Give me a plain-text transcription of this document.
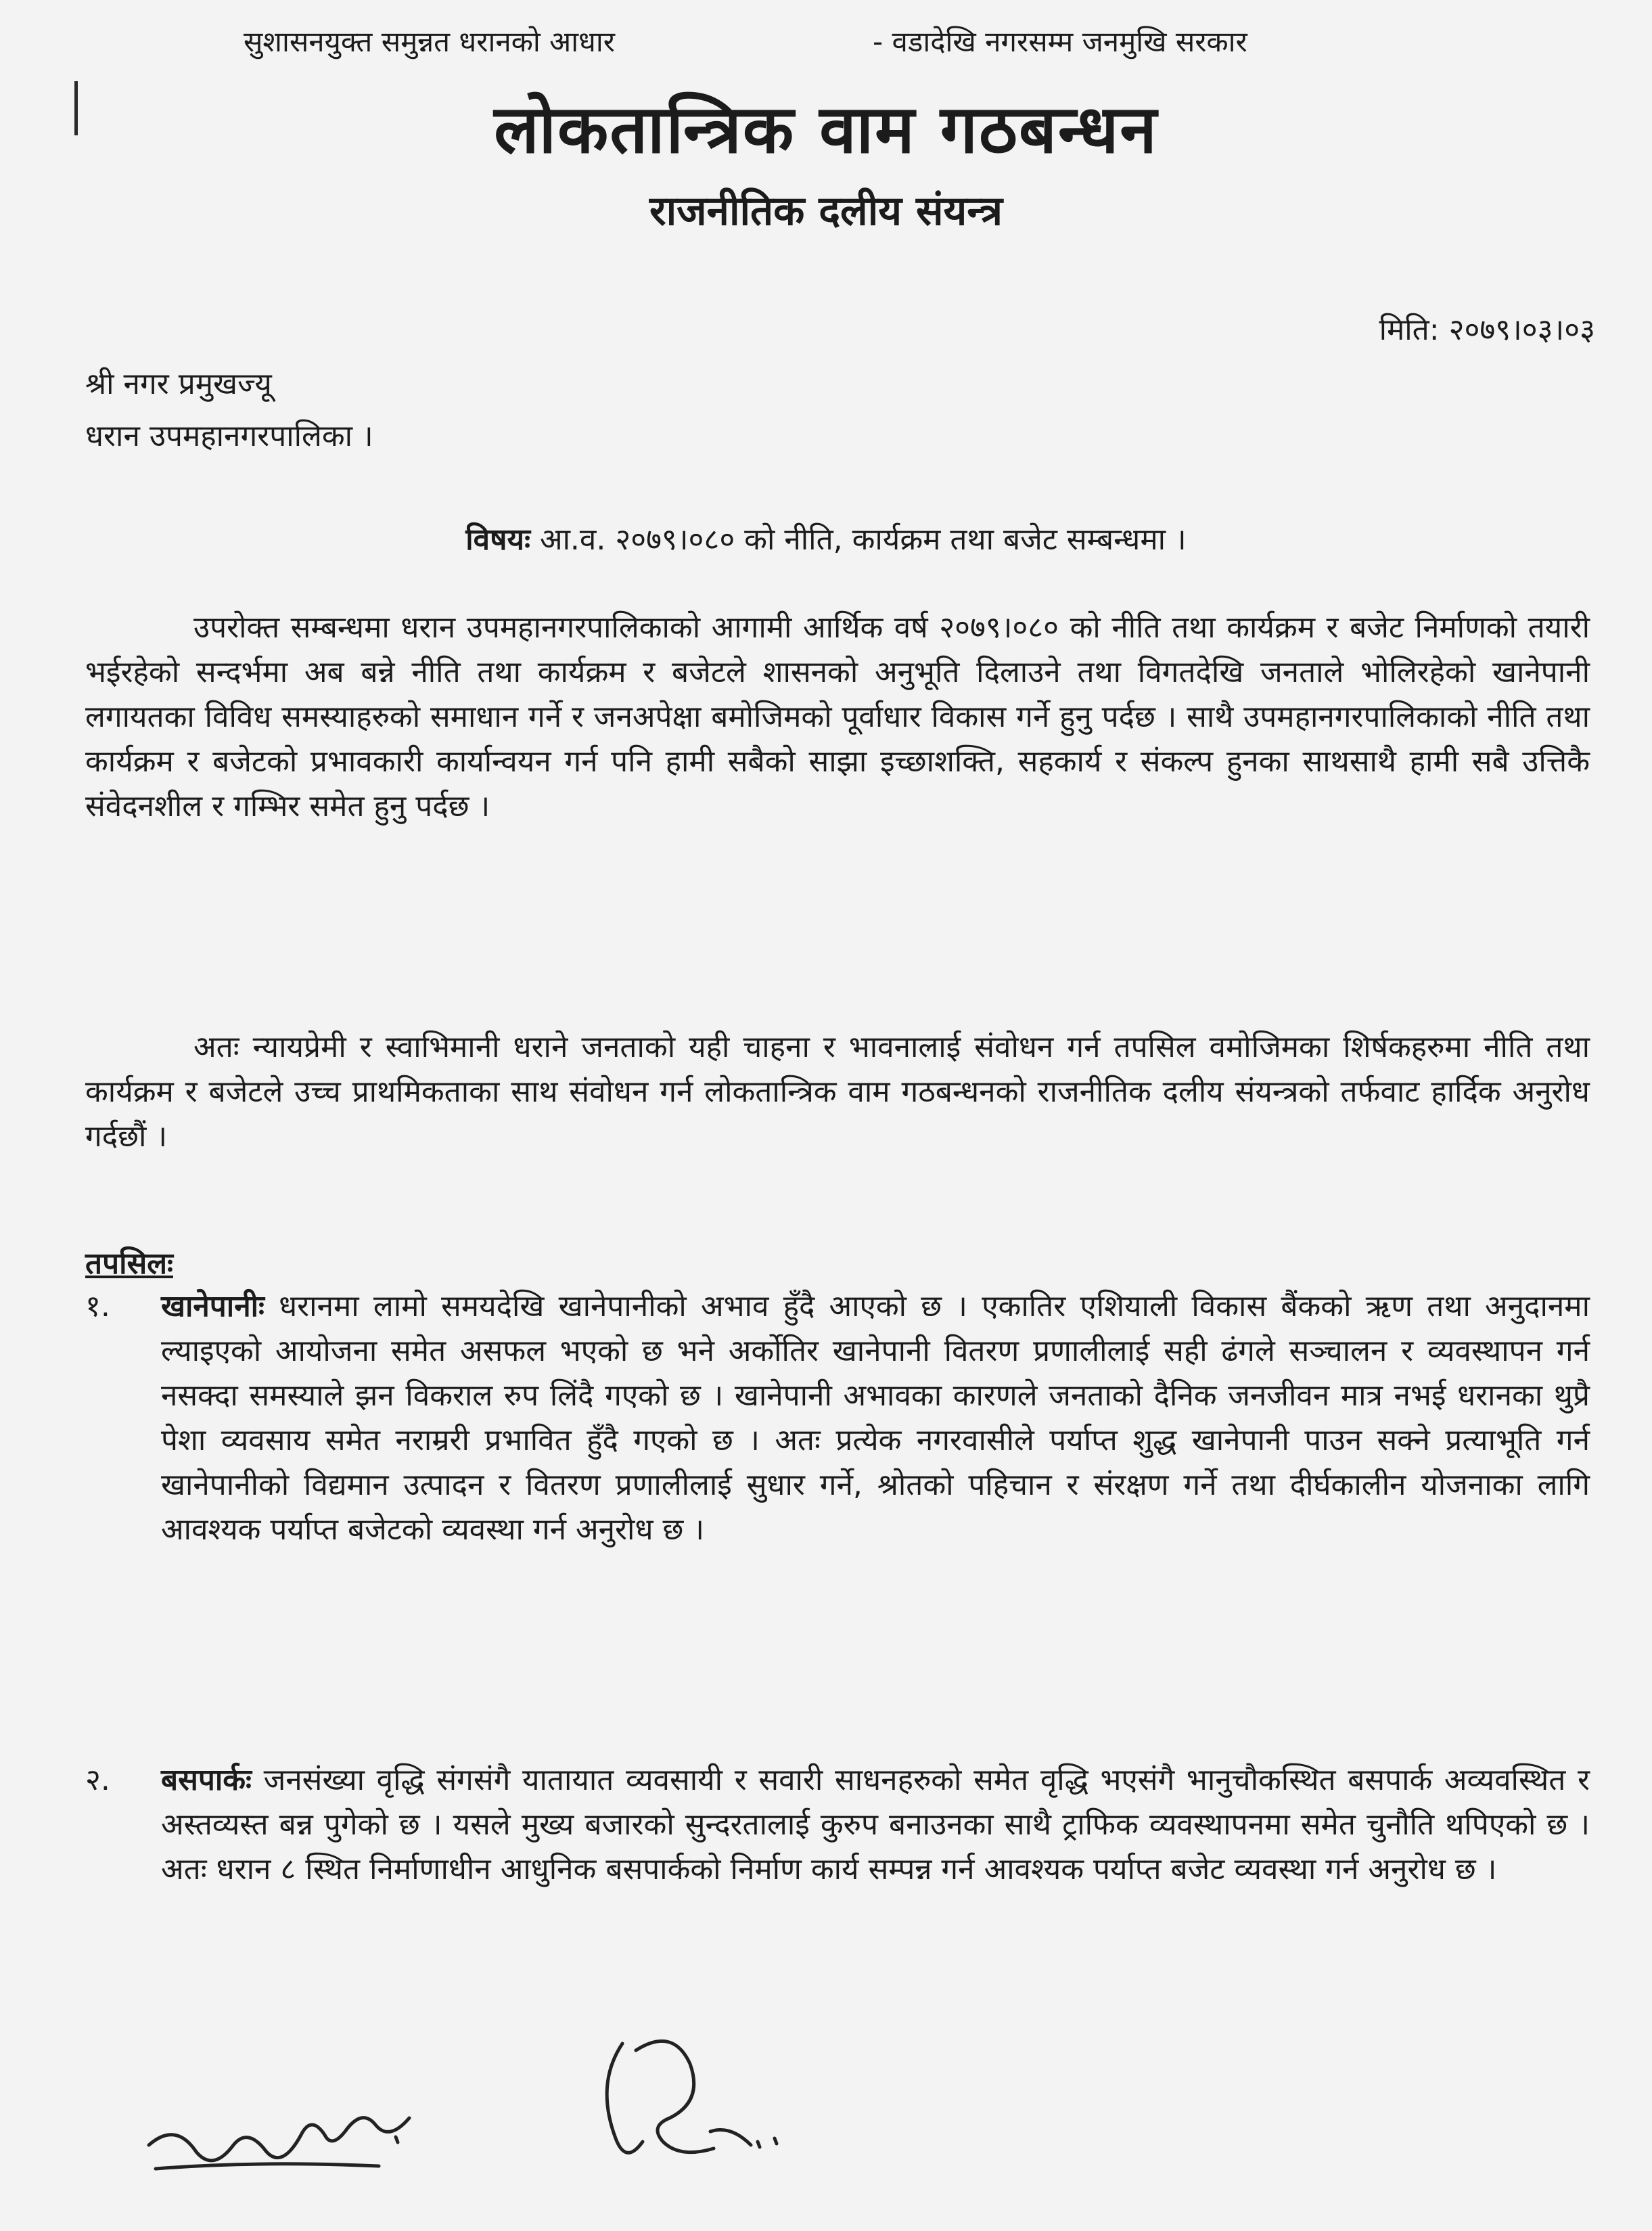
सुशासनयुक्त समुन्नत धरानको आधार	- वडादेखि नगरसम्म जनमुखि सरकार

लोकतान्त्रिक वाम गठबन्धन
राजनीतिक दलीय संयन्त्र
मिति: २०७९।०३।०३

श्री नगर प्रमुखज्यू

धरान उपमहानगरपालिका ।

विषयः आ.व. २०७९।०८० को नीति, कार्यक्रम तथा बजेट सम्बन्धमा ।

उपरोक्त सम्बन्धमा धरान उपमहानगरपालिकाको आगामी आर्थिक वर्ष २०७९।०८० को नीति तथा कार्यक्रम र बजेट निर्माणको तयारी भईरहेको सन्दर्भमा अब बन्ने नीति तथा कार्यक्रम र बजेटले शासनको अनुभूति दिलाउने तथा विगतदेखि जनताले भोलिरहेको खानेपानी लगायतका विविध समस्याहरुको समाधान गर्ने र जनअपेक्षा बमोजिमको पूर्वाधार विकास गर्ने हुनु पर्दछ । साथै उपमहानगरपालिकाको नीति तथा कार्यक्रम र बजेटको प्रभावकारी कार्यान्वयन गर्न पनि हामी सबैको साझा इच्छाशक्ति, सहकार्य र संकल्प हुनका साथसाथै हामी सबै उत्तिकै संवेदनशील र गम्भिर समेत हुनु पर्दछ ।

अतः न्यायप्रेमी र स्वाभिमानी धराने जनताको यही चाहना र भावनालाई संवोधन गर्न तपसिल वमोजिमका शिर्षकहरुमा नीति तथा कार्यक्रम र बजेटले उच्च प्राथमिकताका साथ संवोधन गर्न लोकतान्त्रिक वाम गठबन्धनको राजनीतिक दलीय संयन्त्रको तर्फवाट हार्दिक अनुरोध गर्दछौं ।

तपसिलः

१.	खानेपानीः धरानमा लामो समयदेखि खानेपानीको अभाव हुँदै आएको छ । एकातिर एशियाली विकास बैंकको ऋण तथा अनुदानमा ल्याइएको आयोजना समेत असफल भएको छ भने अर्कोतिर खानेपानी वितरण प्रणालीलाई सही ढंगले सञ्चालन र व्यवस्थापन गर्न नसक्दा समस्याले झन विकराल रुप लिंदै गएको छ । खानेपानी अभावका कारणले जनताको दैनिक जनजीवन मात्र नभई धरानका थुप्रै पेशा व्यवसाय समेत नराम्ररी प्रभावित हुँदै गएको छ । अतः प्रत्येक नगरवासीले पर्याप्त शुद्ध खानेपानी पाउन सक्ने प्रत्याभूति गर्न खानेपानीको विद्यमान उत्पादन र वितरण प्रणालीलाई सुधार गर्ने, श्रोतको पहिचान र संरक्षण गर्ने तथा दीर्घकालीन योजनाका लागि आवश्यक पर्याप्त बजेटको व्यवस्था गर्न अनुरोध छ ।
२.	बसपार्कः जनसंख्या वृद्धि संगसंगै यातायात व्यवसायी र सवारी साधनहरुको समेत वृद्धि भएसंगै भानुचौकस्थित बसपार्क अव्यवस्थित र अस्तव्यस्त बन्न पुगेको छ । यसले मुख्य बजारको सुन्दरतालाई कुरुप बनाउनका साथै ट्राफिक व्यवस्थापनमा समेत चुनौति थपिएको छ । अतः धरान ८ स्थित निर्माणाधीन आधुनिक बसपार्कको निर्माण कार्य सम्पन्न गर्न आवश्यक पर्याप्त बजेट व्यवस्था गर्न अनुरोध छ ।
